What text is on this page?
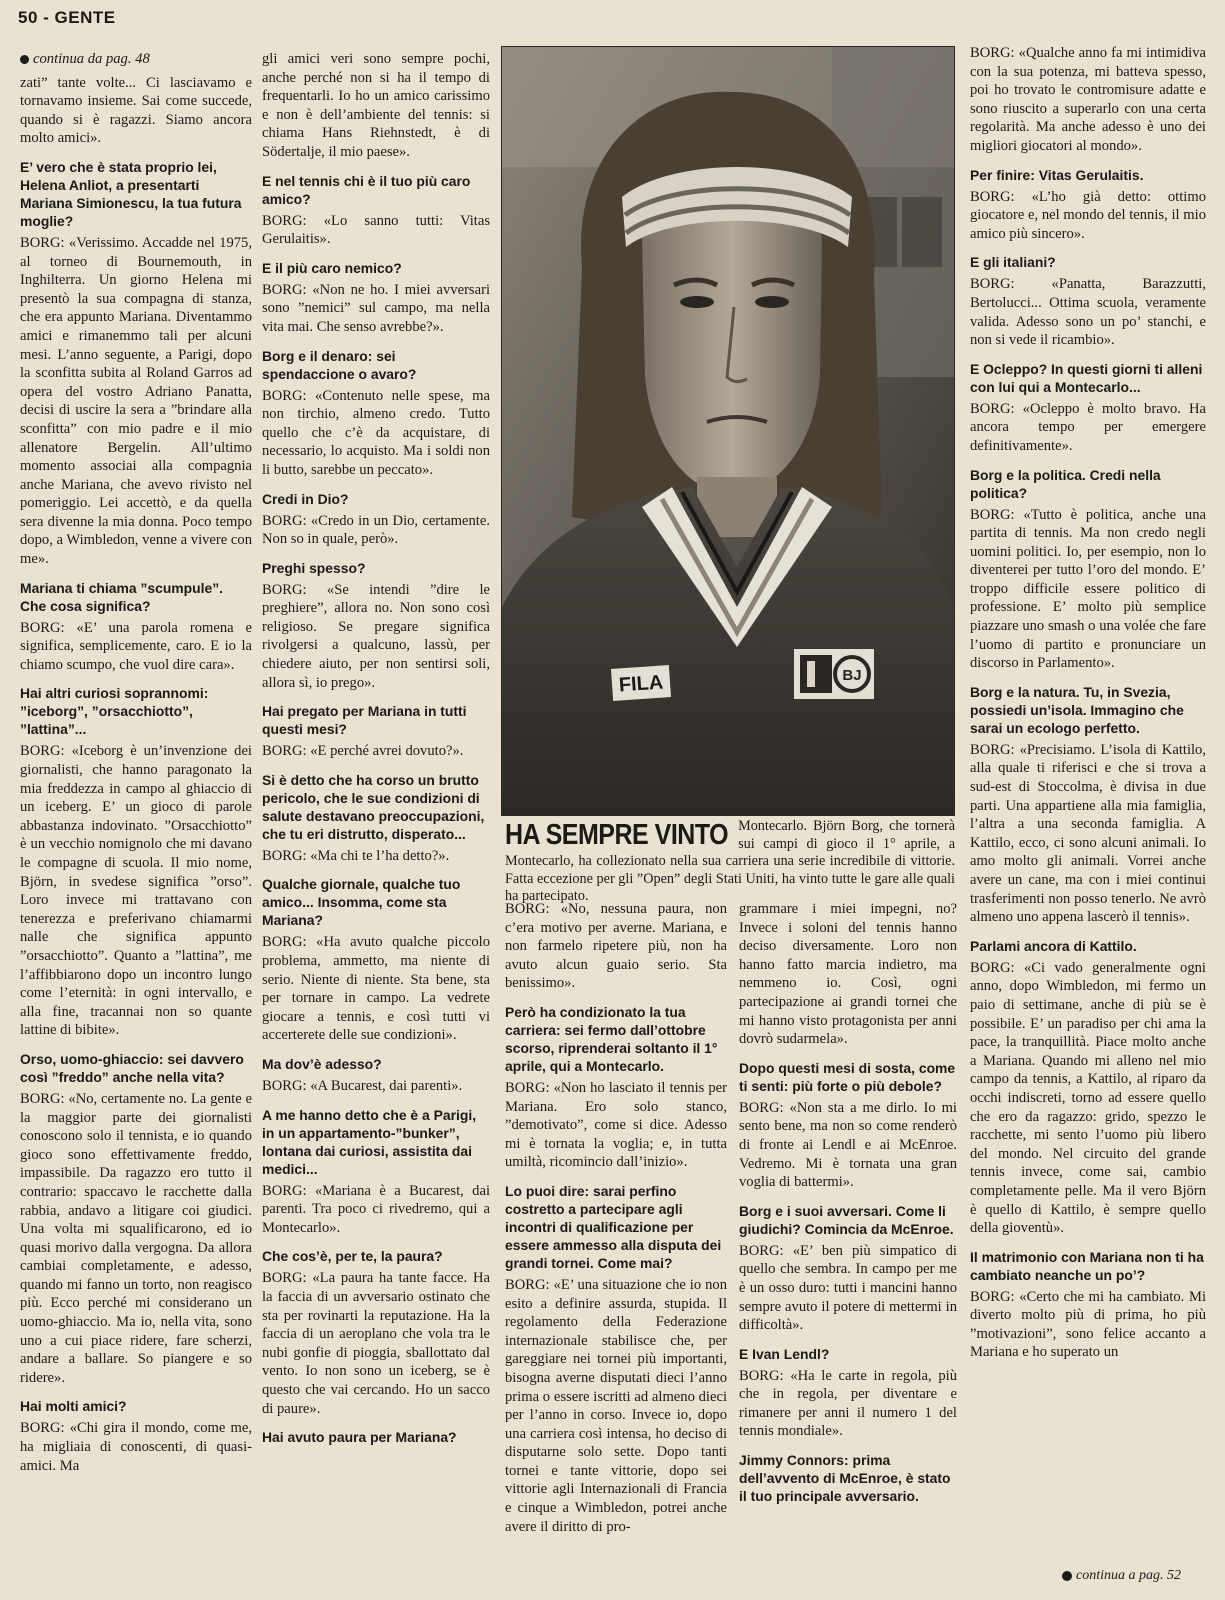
50 - GENTE

continua da pag. 48

zati” tante volte... Ci lasciavamo e tornavamo insieme. Sai come succede, quando si è ragazzi. Siamo ancora molto amici».

E’ vero che è stata proprio lei, Helena Anliot, a presentarti Mariana Simionescu, la tua futura moglie?

BORG: «Verissimo. Accadde nel 1975, al torneo di Bournemouth, in Inghilterra. Un giorno Helena mi presentò la sua compagna di stanza, che era appunto Mariana. Diventammo amici e rimanemmo tali per alcuni mesi. L’anno seguente, a Parigi, dopo la sconfitta subita al Roland Garros ad opera del vostro Adriano Panatta, decisi di uscire la sera a ”brindare alla sconfitta” con mio padre e il mio allenatore Bergelin. All’ultimo momento associai alla compagnia anche Mariana, che avevo rivisto nel pomeriggio. Lei accettò, e da quella sera divenne la mia donna. Poco tempo dopo, a Wimbledon, venne a vivere con me».

Mariana ti chiama ”scumpule”. Che cosa significa?

BORG: «E’ una parola romena e significa, semplicemente, caro. E io la chiamo scumpo, che vuol dire cara».

Hai altri curiosi soprannomi: ”iceborg”, ”orsacchiotto”, ”lattina”...

BORG: «Iceborg è un’invenzione dei giornalisti, che hanno paragonato la mia freddezza in campo al ghiaccio di un iceberg. E’ un gioco di parole abbastanza indovinato. ”Orsacchiotto” è un vecchio nomignolo che mi davano le compagne di scuola. Il mio nome, Björn, in svedese significa ”orso”. Loro invece mi trattavano con tenerezza e preferivano chiamarmi nalle che significa appunto ”orsacchiotto”. Quanto a ”lattina”, me l’affibbiarono dopo un incontro lungo come l’eternità: in ogni intervallo, e alla fine, tracannai non so quante lattine di bibite».

Orso, uomo-ghiaccio: sei davvero così ”freddo” anche nella vita?

BORG: «No, certamente no. La gente e la maggior parte dei giornalisti conoscono solo il tennista, e io quando gioco sono effettivamente freddo, impassibile. Da ragazzo ero tutto il contrario: spaccavo le racchette dalla rabbia, andavo a litigare coi giudici. Una volta mi squalificarono, ed io quasi morivo dalla vergogna. Da allora cambiai completamente, e adesso, quando mi fanno un torto, non reagisco più. Ecco perché mi considerano un uomo-ghiaccio. Ma io, nella vita, sono uno a cui piace ridere, fare scherzi, andare a ballare. So piangere e so ridere».

Hai molti amici?

BORG: «Chi gira il mondo, come me, ha migliaia di conoscenti, di quasi-amici. Ma

gli amici veri sono sempre pochi, anche perché non si ha il tempo di frequentarli. Io ho un amico carissimo e non è dell’ambiente del tennis: si chiama Hans Riehnstedt, è di Södertalje, il mio paese».

E nel tennis chi è il tuo più caro amico?

BORG: «Lo sanno tutti: Vitas Gerulaitis».

E il più caro nemico?

BORG: «Non ne ho. I miei avversari sono ”nemici” sul campo, ma nella vita mai. Che senso avrebbe?».

Borg e il denaro: sei spendaccione o avaro?

BORG: «Contenuto nelle spese, ma non tirchio, almeno credo. Tutto quello che c’è da acquistare, di necessario, lo acquisto. Ma i soldi non li butto, sarebbe un peccato».

Credi in Dio?

BORG: «Credo in un Dio, certamente. Non so in quale, però».

Preghi spesso?

BORG: «Se intendi ”dire le preghiere”, allora no. Non sono così religioso. Se pregare significa rivolgersi a qualcuno, lassù, per chiedere aiuto, per non sentirsi soli, allora sì, io prego».

Hai pregato per Mariana in tutti questi mesi?

BORG: «E perché avrei dovuto?».

Si è detto che ha corso un brutto pericolo, che le sue condizioni di salute destavano preoccupazioni, che tu eri distrutto, disperato...

BORG: «Ma chi te l’ha detto?».

Qualche giornale, qualche tuo amico... Insomma, come sta Mariana?

BORG: «Ha avuto qualche piccolo problema, ammetto, ma niente di serio. Niente di niente. Sta bene, sta per tornare in campo. La vedrete giocare a tennis, e così tutti vi accerterete delle sue condizioni».

Ma dov’è adesso?

BORG: «A Bucarest, dai parenti».

A me hanno detto che è a Parigi, in un appartamento-”bunker”, lontana dai curiosi, assistita dai medici...

BORG: «Mariana è a Bucarest, dai parenti. Tra poco ci rivedremo, qui a Montecarlo».

Che cos’è, per te, la paura?

BORG: «La paura ha tante facce. Ha la faccia di un avversario ostinato che sta per rovinarti la reputazione. Ha la faccia di un aeroplano che vola tra le nubi gonfie di pioggia, sballottato dal vento. Io non sono un iceberg, se è questo che vai cercando. Ho un sacco di paure».

Hai avuto paura per Mariana?

FILA	BJ
HA SEMPRE VINTO Montecarlo. Björn Borg, che tornerà sui campi di gioco il 1° aprile, a Montecarlo, ha collezionato nella sua carriera una serie incredibile di vittorie. Fatta eccezione per gli ”Open” degli Stati Uniti, ha vinto tutte le gare alle quali ha partecipato.

BORG: «No, nessuna paura, non c’era motivo per averne. Mariana, e non farmelo ripetere più, non ha avuto alcun guaio serio. Sta benissimo».

Però ha condizionato la tua carriera: sei fermo dall’ottobre scorso, riprenderai soltanto il 1° aprile, qui a Montecarlo.

BORG: «Non ho lasciato il tennis per Mariana. Ero solo stanco, ”demotivato”, come si dice. Adesso mi è tornata la voglia; e, in tutta umiltà, ricomincio dall’inizio».

Lo puoi dire: sarai perfino costretto a partecipare agli incontri di qualificazione per essere ammesso alla disputa dei grandi tornei. Come mai?

BORG: «E’ una situazione che io non esito a definire assurda, stupida. Il regolamento della Federazione internazionale stabilisce che, per gareggiare nei tornei più importanti, bisogna averne disputati dieci l’anno prima o essere iscritti ad almeno dieci per l’anno in corso. Invece io, dopo una carriera così intensa, ho deciso di disputarne solo sette. Dopo tanti tornei e tante vittorie, dopo sei vittorie agli Internazionali di Francia e cinque a Wimbledon, potrei anche avere il diritto di pro-

grammare i miei impegni, no? Invece i soloni del tennis hanno deciso diversamente. Loro non hanno fatto marcia indietro, ma nemmeno io. Così, ogni partecipazione ai grandi tornei che mi hanno visto protagonista per anni dovrò sudarmela».

Dopo questi mesi di sosta, come ti senti: più forte o più debole?

BORG: «Non sta a me dirlo. Io mi sento bene, ma non so come renderò di fronte ai Lendl e ai McEnroe. Vedremo. Mi è tornata una gran voglia di battermi».

Borg e i suoi avversari. Come li giudichi? Comincia da McEnroe.

BORG: «E’ ben più simpatico di quello che sembra. In campo per me è un osso duro: tutti i mancini hanno sempre avuto il potere di mettermi in difficoltà».

E Ivan Lendl?

BORG: «Ha le carte in regola, più che in regola, per diventare e rimanere per anni il numero 1 del tennis mondiale».

Jimmy Connors: prima dell’avvento di McEnroe, è stato il tuo principale avversario.

BORG: «Qualche anno fa mi intimidiva con la sua potenza, mi batteva spesso, poi ho trovato le contromisure adatte e sono riuscito a superarlo con una certa regolarità. Ma anche adesso è uno dei migliori giocatori al mondo».

Per finire: Vitas Gerulaitis.

BORG: «L’ho già detto: ottimo giocatore e, nel mondo del tennis, il mio amico più sincero».

E gli italiani?

BORG: «Panatta, Barazzutti, Bertolucci... Ottima scuola, veramente valida. Adesso sono un po’ stanchi, e non si vede il ricambio».

E Ocleppo? In questi giorni ti alleni con lui qui a Montecarlo...

BORG: «Ocleppo è molto bravo. Ha ancora tempo per emergere definitivamente».

Borg e la politica. Credi nella politica?

BORG: «Tutto è politica, anche una partita di tennis. Ma non credo negli uomini politici. Io, per esempio, non lo diventerei per tutto l’oro del mondo. E’ troppo difficile essere politico di professione. E’ molto più semplice piazzare uno smash o una volée che fare l’uomo di partito e pronunciare un discorso in Parlamento».

Borg e la natura. Tu, in Svezia, possiedi un’isola. Immagino che sarai un ecologo perfetto.

BORG: «Precisiamo. L’isola di Kattilo, alla quale ti riferisci e che si trova a sud-est di Stoccolma, è divisa in due parti. Una appartiene alla mia famiglia, l’altra a una seconda famiglia. A Kattilo, ecco, ci sono alcuni animali. Io amo molto gli animali. Vorrei anche avere un cane, ma con i miei continui trasferimenti non posso tenerlo. Ne avrò almeno uno appena lascerò il tennis».

Parlami ancora di Kattilo.

BORG: «Ci vado generalmente ogni anno, dopo Wimbledon, mi fermo un paio di settimane, anche di più se è possibile. E’ un paradiso per chi ama la pace, la tranquillità. Piace molto anche a Mariana. Quando mi alleno nel mio campo da tennis, a Kattilo, al riparo da occhi indiscreti, torno ad essere quello che ero da ragazzo: grido, spezzo le racchette, mi sento l’uomo più libero del mondo. Nel circuito del grande tennis invece, come sai, cambio completamente pelle. Ma il vero Björn è quello di Kattilo, è sempre quello della gioventù».

Il matrimonio con Mariana non ti ha cambiato neanche un po’?

BORG: «Certo che mi ha cambiato. Mi diverto molto più di prima, ho più ”motivazioni”, sono felice accanto a Mariana e ho superato un

continua a pag. 52
